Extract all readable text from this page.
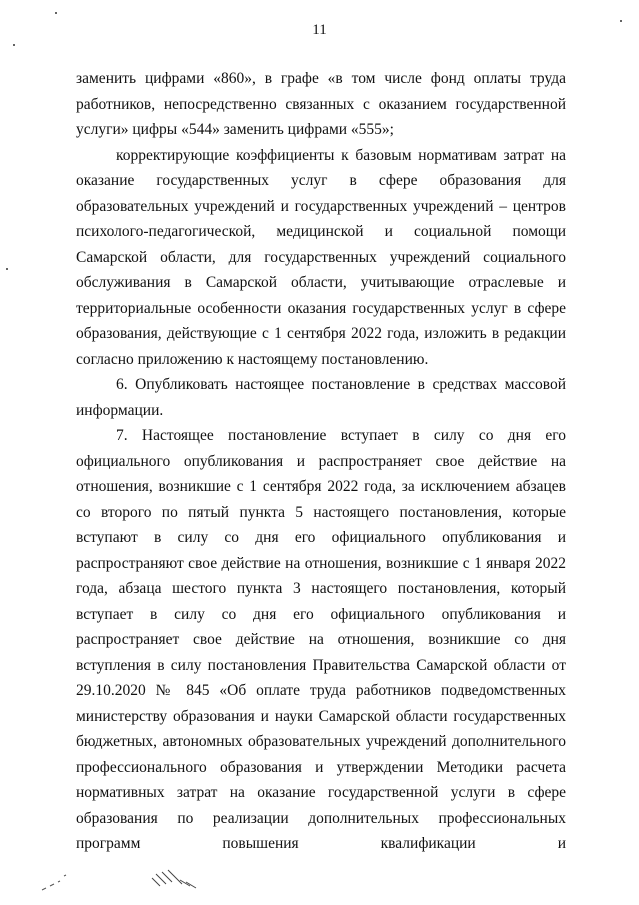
11

заменить цифрами «860», в графе «в том числе фонд оплаты труда работников, непосредственно связанных с оказанием государственной услуги» цифры «544» заменить цифрами «555»;

корректирующие коэффициенты к базовым нормативам затрат на оказание государственных услуг в сфере образования для образовательных учреждений и государственных учреждений – центров психолого-педагогической, медицинской и социальной помощи Самарской области, для государственных учреждений социального обслуживания в Самарской области, учитывающие отраслевые и территориальные особенности оказания государственных услуг в сфере образования, действующие с 1 сентября 2022 года, изложить в редакции согласно приложению к настоящему постановлению.

6. Опубликовать настоящее постановление в средствах массовой информации.

7. Настоящее постановление вступает в силу со дня его официального опубликования и распространяет свое действие на отношения, возникшие с 1 сентября 2022 года, за исключением абзацев со второго по пятый пункта 5 настоящего постановления, которые вступают в силу со дня его официального опубликования и распространяют свое действие на отношения, возникшие с 1 января 2022 года, абзаца шестого пункта 3 настоящего постановления, который вступает в силу со дня его официального опубликования и распространяет свое действие на отношения, возникшие со дня вступления в силу постановления Правительства Самарской области от 29.10.2020 № 845 «Об оплате труда работников подведомственных министерству образования и науки Самарской области государственных бюджетных, автономных образовательных учреждений дополнительного профессионального образования и утверждении Методики расчета нормативных затрат на оказание государственной услуги в сфере образования по реализации дополнительных профессиональных программ повышения квалификации и
